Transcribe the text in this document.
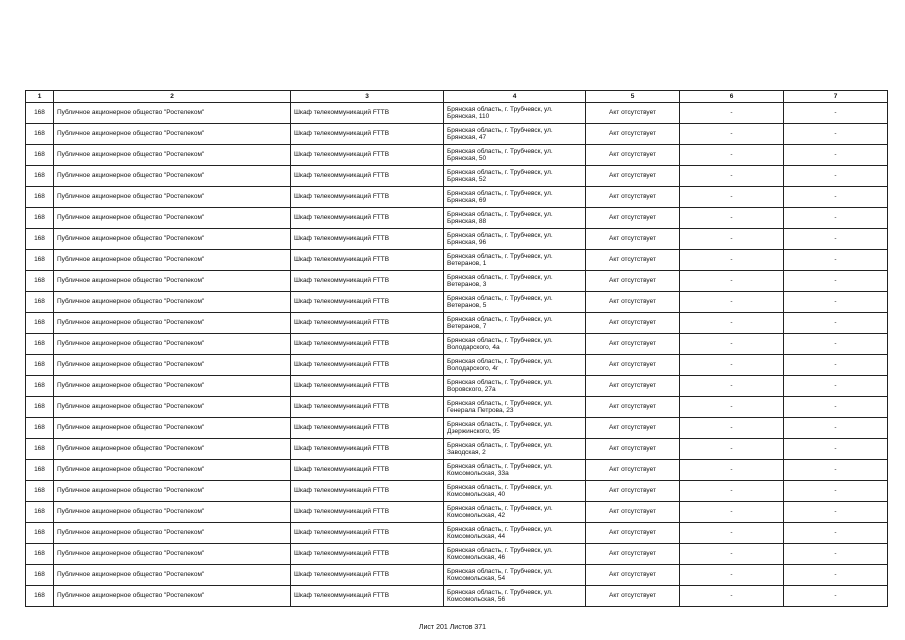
1	2	3	4	5	6	7
168	Публичное акционерное общество "Ростелеком"	Шкаф телекоммуникаций FTTB	Брянская область, г. Трубчевск, ул. Брянская, 110	Акт отсутствует	-	-
168	Публичное акционерное общество "Ростелеком"	Шкаф телекоммуникаций FTTB	Брянская область, г. Трубчевск, ул. Брянская, 47	Акт отсутствует	-	-
168	Публичное акционерное общество "Ростелеком"	Шкаф телекоммуникаций FTTB	Брянская область, г. Трубчевск, ул. Брянская, 50	Акт отсутствует	-	-
168	Публичное акционерное общество "Ростелеком"	Шкаф телекоммуникаций FTTB	Брянская область, г. Трубчевск, ул. Брянская, 52	Акт отсутствует	-	-
168	Публичное акционерное общество "Ростелеком"	Шкаф телекоммуникаций FTTB	Брянская область, г. Трубчевск, ул. Брянская, 69	Акт отсутствует	-	-
168	Публичное акционерное общество "Ростелеком"	Шкаф телекоммуникаций FTTB	Брянская область, г. Трубчевск, ул. Брянская, 88	Акт отсутствует	-	-
168	Публичное акционерное общество "Ростелеком"	Шкаф телекоммуникаций FTTB	Брянская область, г. Трубчевск, ул. Брянская, 96	Акт отсутствует	-	-
168	Публичное акционерное общество "Ростелеком"	Шкаф телекоммуникаций FTTB	Брянская область, г. Трубчевск, ул. Ветеранов, 1	Акт отсутствует	-	-
168	Публичное акционерное общество "Ростелеком"	Шкаф телекоммуникаций FTTB	Брянская область, г. Трубчевск, ул. Ветеранов, 3	Акт отсутствует	-	-
168	Публичное акционерное общество "Ростелеком"	Шкаф телекоммуникаций FTTB	Брянская область, г. Трубчевск, ул. Ветеранов, 5	Акт отсутствует	-	-
168	Публичное акционерное общество "Ростелеком"	Шкаф телекоммуникаций FTTB	Брянская область, г. Трубчевск, ул. Ветеранов, 7	Акт отсутствует	-	-
168	Публичное акционерное общество "Ростелеком"	Шкаф телекоммуникаций FTTB	Брянская область, г. Трубчевск, ул. Володарского, 4а	Акт отсутствует	-	-
168	Публичное акционерное общество "Ростелеком"	Шкаф телекоммуникаций FTTB	Брянская область, г. Трубчевск, ул. Володарского, 4г	Акт отсутствует	-	-
168	Публичное акционерное общество "Ростелеком"	Шкаф телекоммуникаций FTTB	Брянская область, г. Трубчевск, ул. Воровского, 27а	Акт отсутствует	-	-
168	Публичное акционерное общество "Ростелеком"	Шкаф телекоммуникаций FTTB	Брянская область, г. Трубчевск, ул. Генерала Петрова, 23	Акт отсутствует	-	-
168	Публичное акционерное общество "Ростелеком"	Шкаф телекоммуникаций FTTB	Брянская область, г. Трубчевск, ул. Дзержинского, 95	Акт отсутствует	-	-
168	Публичное акционерное общество "Ростелеком"	Шкаф телекоммуникаций FTTB	Брянская область, г. Трубчевск, ул. Заводская, 2	Акт отсутствует	-	-
168	Публичное акционерное общество "Ростелеком"	Шкаф телекоммуникаций FTTB	Брянская область, г. Трубчевск, ул. Комсомольская, 33а	Акт отсутствует	-	-
168	Публичное акционерное общество "Ростелеком"	Шкаф телекоммуникаций FTTB	Брянская область, г. Трубчевск, ул. Комсомольская, 40	Акт отсутствует	-	-
168	Публичное акционерное общество "Ростелеком"	Шкаф телекоммуникаций FTTB	Брянская область, г. Трубчевск, ул. Комсомольская, 42	Акт отсутствует	-	-
168	Публичное акционерное общество "Ростелеком"	Шкаф телекоммуникаций FTTB	Брянская область, г. Трубчевск, ул. Комсомольская, 44	Акт отсутствует	-	-
168	Публичное акционерное общество "Ростелеком"	Шкаф телекоммуникаций FTTB	Брянская область, г. Трубчевск, ул. Комсомольская, 46	Акт отсутствует	-	-
168	Публичное акционерное общество "Ростелеком"	Шкаф телекоммуникаций FTTB	Брянская область, г. Трубчевск, ул. Комсомольская, 54	Акт отсутствует	-	-
168	Публичное акционерное общество "Ростелеком"	Шкаф телекоммуникаций FTTB	Брянская область, г. Трубчевск, ул. Комсомольская, 56	Акт отсутствует	-	-
Лист 201 Листов 371
